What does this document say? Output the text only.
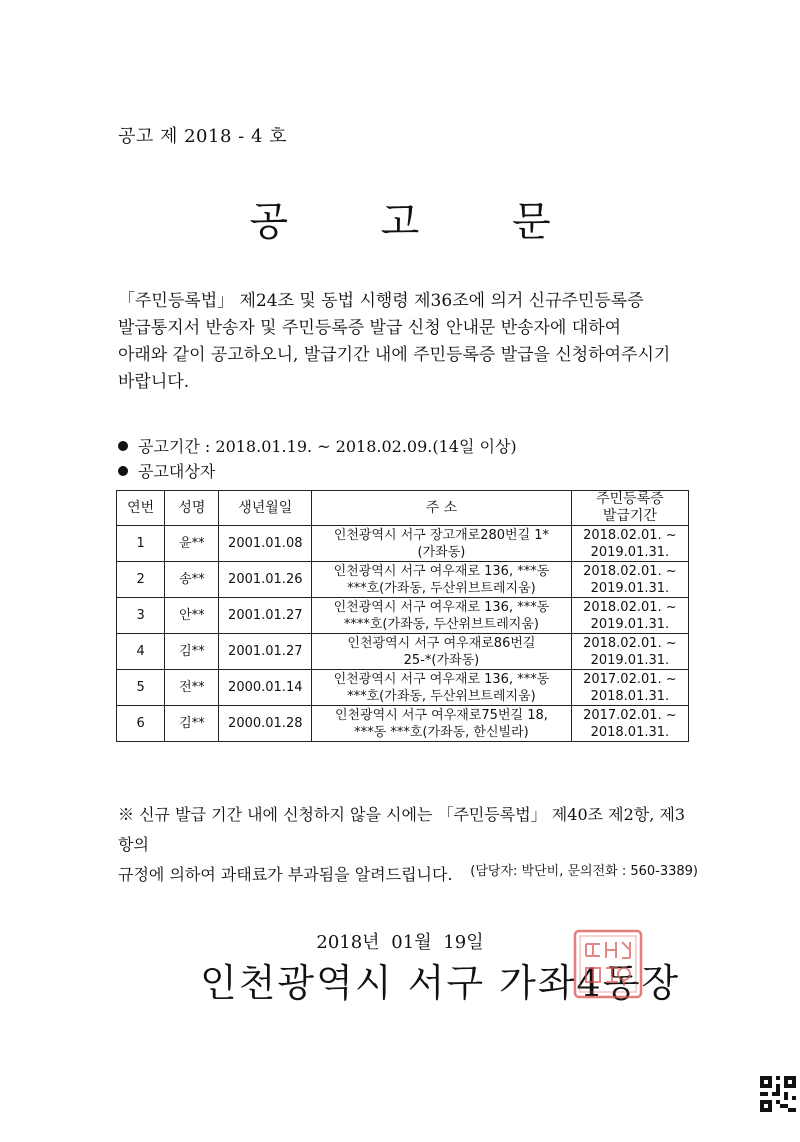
공고 제 2018 - 4 호
공 고 문

「주민등록법」 제24조 및 동법 시행령 제36조에 의거 신규주민등록증

발급통지서 반송자 및 주민등록증 발급 신청 안내문 반송자에 대하여

아래와 같이 공고하오니, 발급기간 내에 주민등록증 발급을 신청하여주시기

바랍니다.

공고기간 : 2018.01.19. ~ 2018.02.09.(14일 이상)
공고대상자
연번	성명	생년월일	주 소	주민등록증
발급기간
1	윤**	2001.01.08	인천광역시 서구 장고개로280번길 1*
(가좌동)	2018.02.01. ~
2019.01.31.
2	송**	2001.01.26	인천광역시 서구 여우재로 136, ***동
***호(가좌동, 두산위브트레지움)	2018.02.01. ~
2019.01.31.
3	안**	2001.01.27	인천광역시 서구 여우재로 136, ***동
****호(가좌동, 두산위브트레지움)	2018.02.01. ~
2019.01.31.
4	김**	2001.01.27	인천광역시 서구 여우재로86번길
25-*(가좌동)	2018.02.01. ~
2019.01.31.
5	전**	2000.01.14	인천광역시 서구 여우재로 136, ***동
***호(가좌동, 두산위브트레지움)	2017.02.01. ~
2018.01.31.
6	김**	2000.01.28	인천광역시 서구 여우재로75번길 18,
***동 ***호(가좌동, 한신빌라)	2017.02.01. ~
2018.01.31.
※ 신규 발급 기간 내에 신청하지 않을 시에는 「주민등록법」 제40조 제2항, 제3항의
규정에 의하여 과태료가 부과됨을 알려드립니다.	(담당자: 박단비, 문의전화 : 560-3389)
2018년 01월 19일
인천광역시 서구 가좌4동장
